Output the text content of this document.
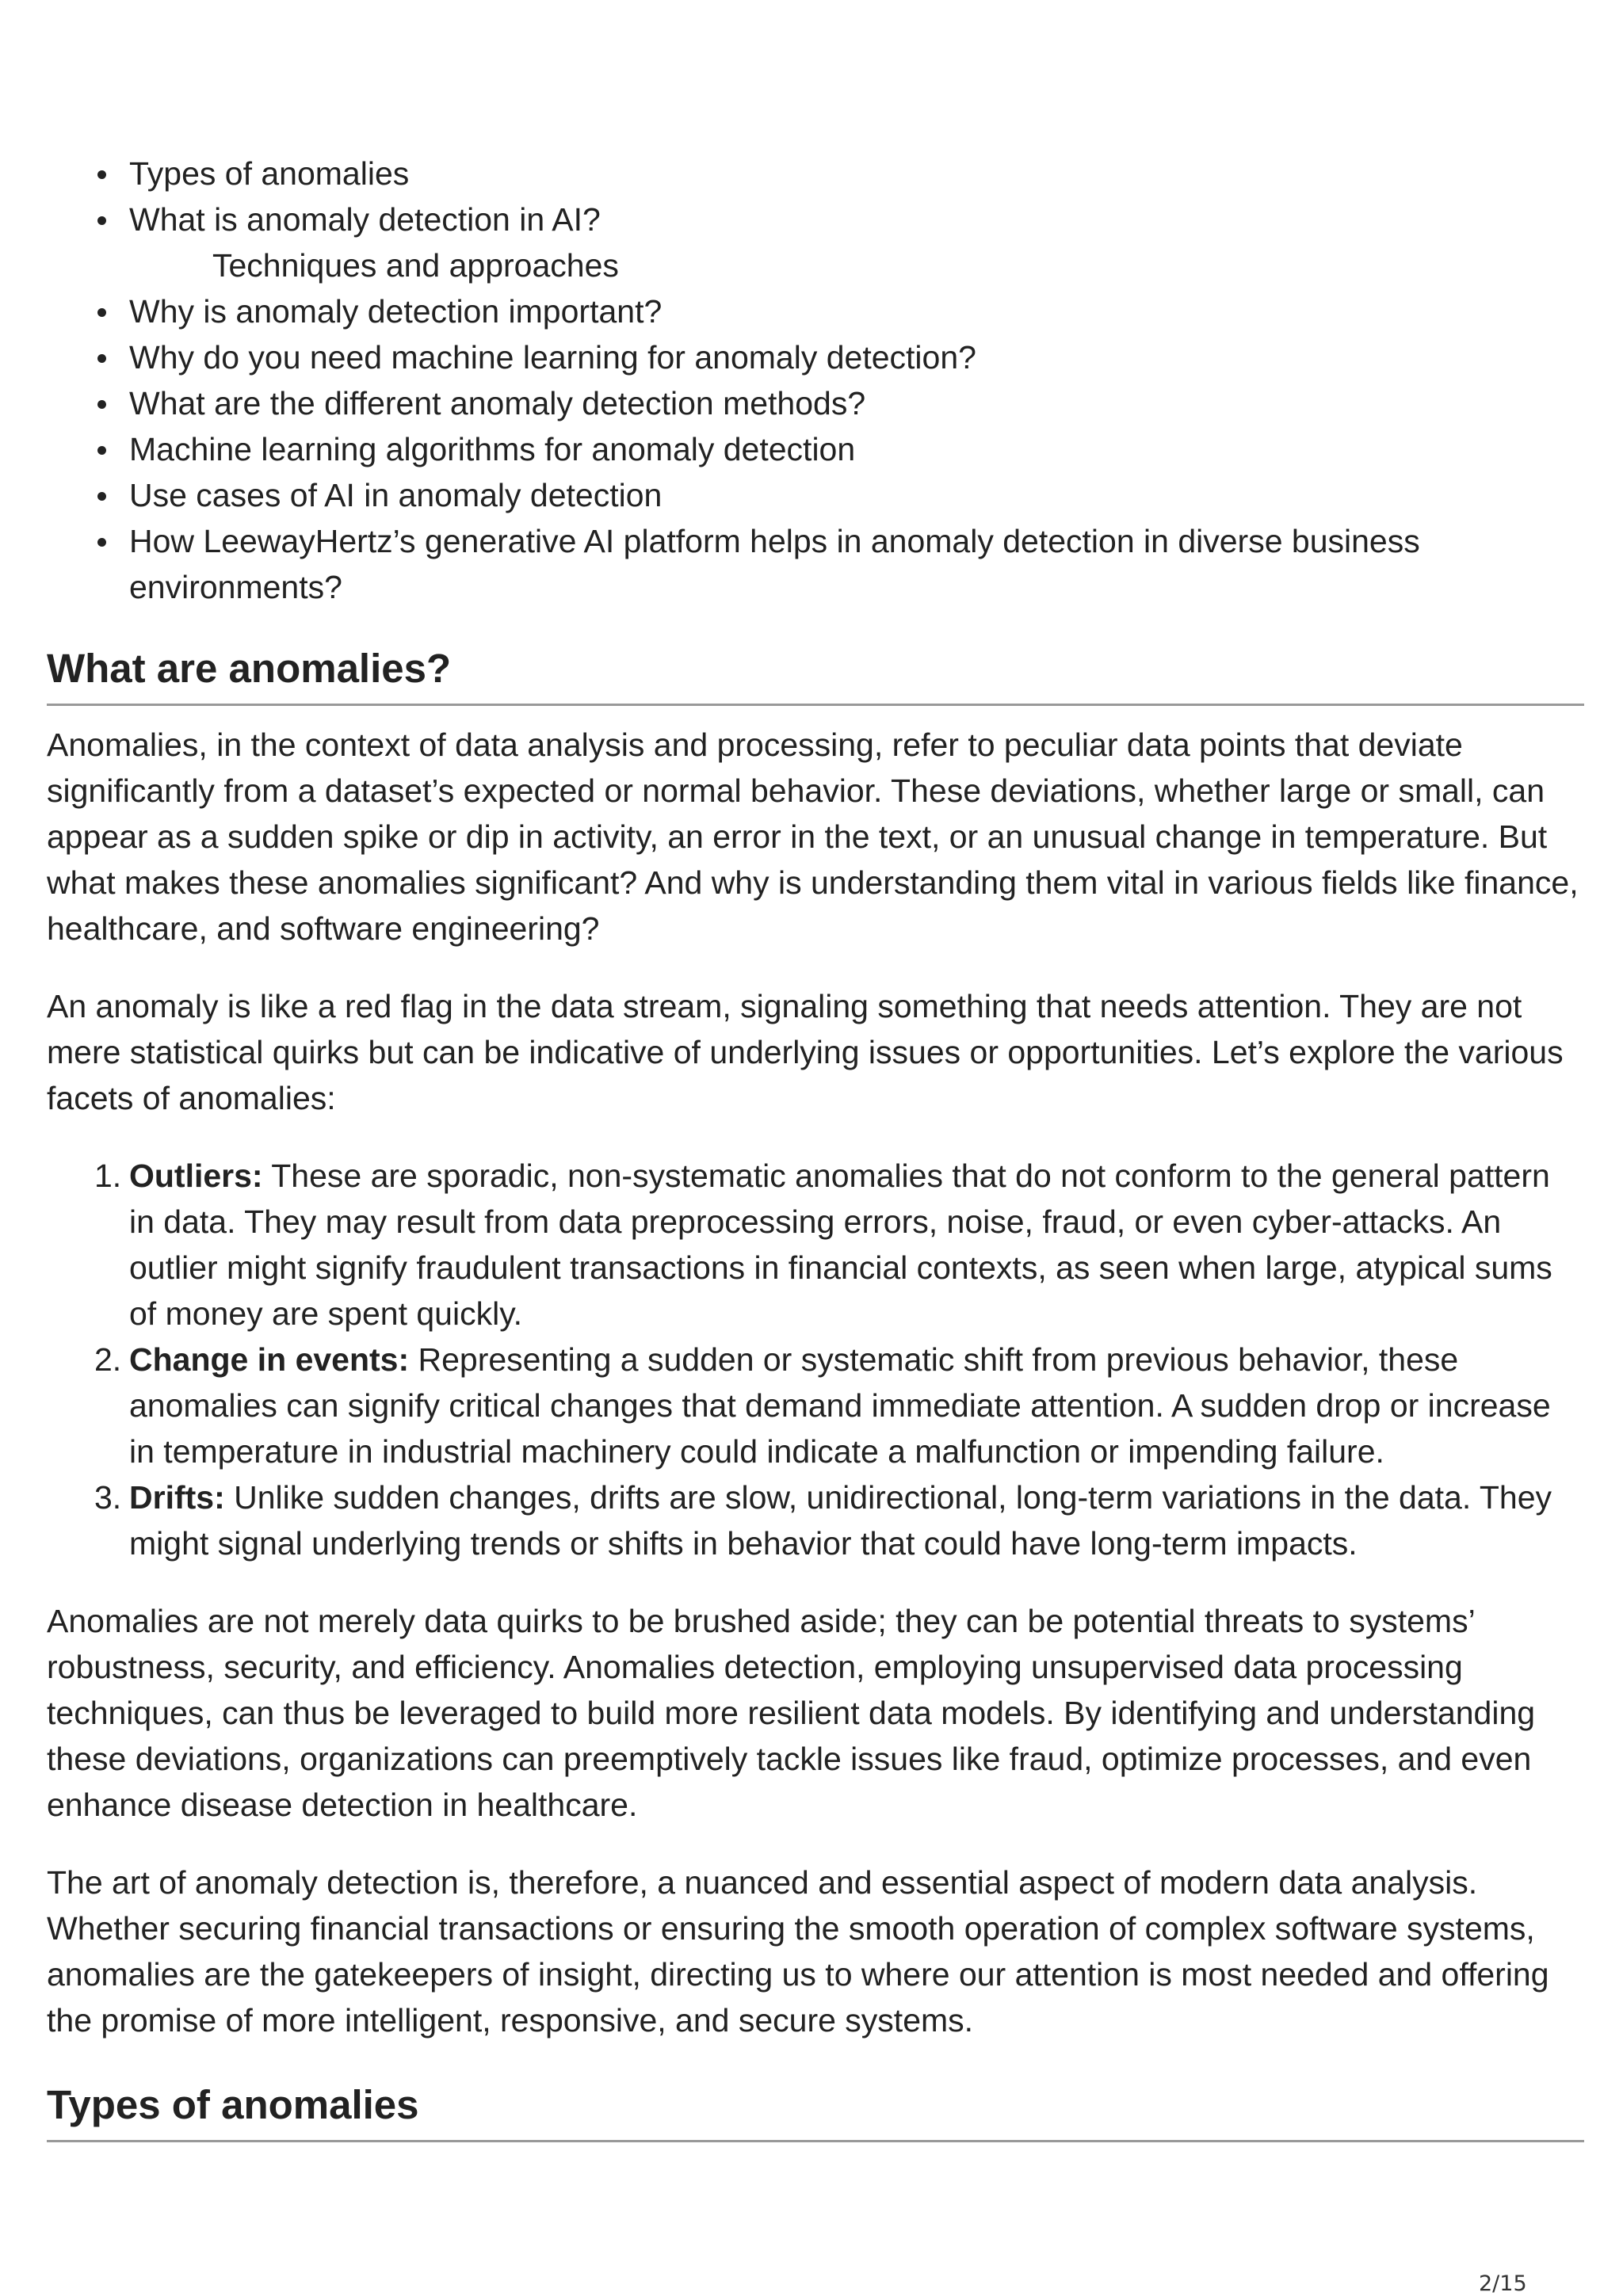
Types of anomalies
What is anomaly detection in AI?
Techniques and approaches
Why is anomaly detection important?
Why do you need machine learning for anomaly detection?
What are the different anomaly detection methods?
Machine learning algorithms for anomaly detection
Use cases of AI in anomaly detection
How LeewayHertz’s generative AI platform helps in anomaly detection in diverse business environments?
What are anomalies?

Anomalies, in the context of data analysis and processing, refer to peculiar data points that deviate significantly from a dataset’s expected or normal behavior. These deviations, whether large or small, can appear as a sudden spike or dip in activity, an error in the text, or an unusual change in temperature. But what makes these anomalies significant? And why is understanding them vital in various fields like finance, healthcare, and software engineering?

An anomaly is like a red flag in the data stream, signaling something that needs attention. They are not mere statistical quirks but can be indicative of underlying issues or opportunities. Let’s explore the various facets of anomalies:

1. Outliers: These are sporadic, non-systematic anomalies that do not conform to the general pattern in data. They may result from data preprocessing errors, noise, fraud, or even cyber-attacks. An outlier might signify fraudulent transactions in financial contexts, as seen when large, atypical sums of money are spent quickly.
2. Change in events: Representing a sudden or systematic shift from previous behavior, these anomalies can signify critical changes that demand immediate attention. A sudden drop or increase in temperature in industrial machinery could indicate a malfunction or impending failure.
3. Drifts: Unlike sudden changes, drifts are slow, unidirectional, long-term variations in the data. They might signal underlying trends or shifts in behavior that could have long-term impacts.

Anomalies are not merely data quirks to be brushed aside; they can be potential threats to systems’ robustness, security, and efficiency. Anomalies detection, employing unsupervised data processing techniques, can thus be leveraged to build more resilient data models. By identifying and understanding these deviations, organizations can preemptively tackle issues like fraud, optimize processes, and even enhance disease detection in healthcare.

The art of anomaly detection is, therefore, a nuanced and essential aspect of modern data analysis. Whether securing financial transactions or ensuring the smooth operation of complex software systems, anomalies are the gatekeepers of insight, directing us to where our attention is most needed and offering the promise of more intelligent, responsive, and secure systems.

Types of anomalies
2/15
